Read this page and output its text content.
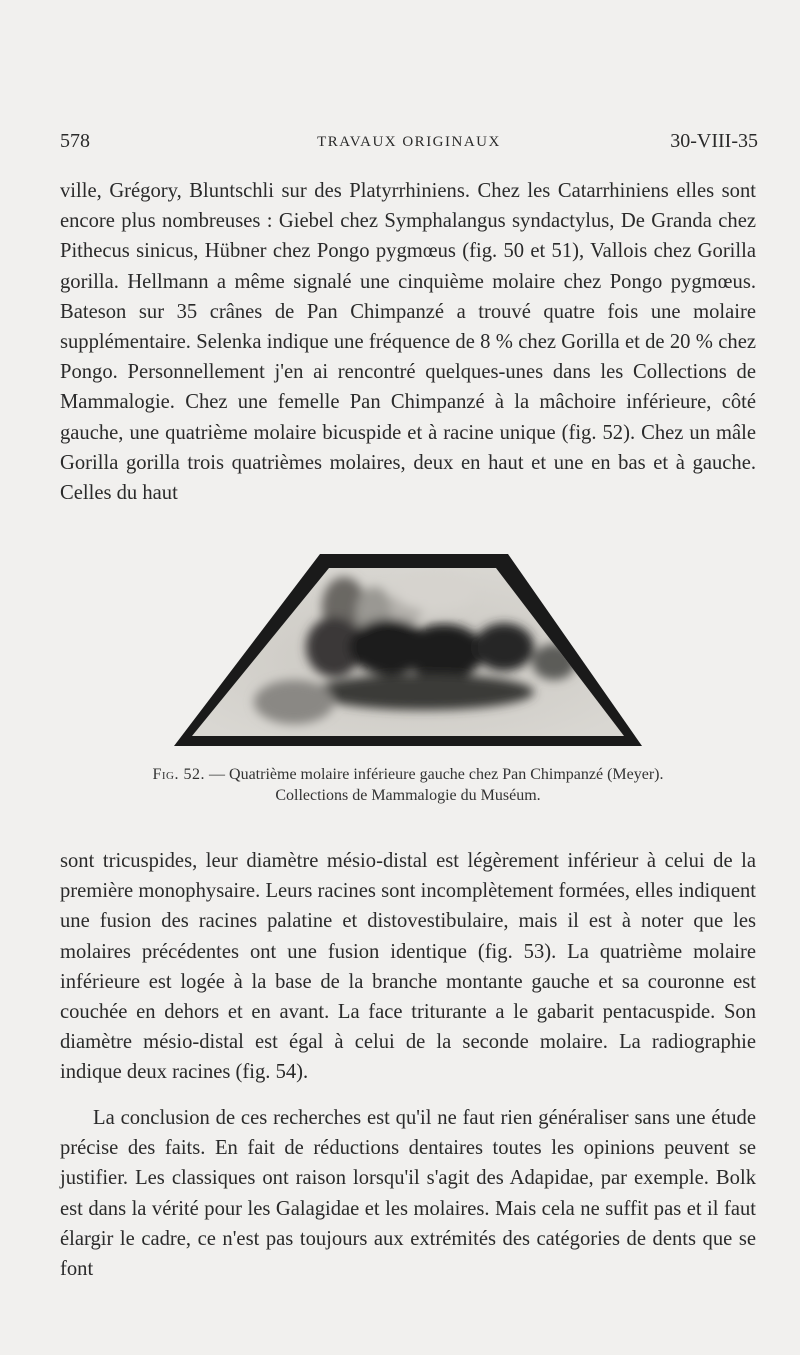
578	TRAVAUX ORIGINAUX	30-VIII-35

ville, Grégory, Bluntschli sur des Platyrrhiniens. Chez les Catarrhiniens elles sont encore plus nombreuses : Giebel chez Symphalangus syndactylus, De Granda chez Pithecus sinicus, Hübner chez Pongo pygmœus (fig. 50 et 51), Vallois chez Gorilla gorilla. Hellmann a même signalé une cinquième molaire chez Pongo pygmœus. Bateson sur 35 crânes de Pan Chimpanzé a trouvé quatre fois une molaire supplémentaire. Selenka indique une fréquence de 8 % chez Gorilla et de 20 % chez Pongo. Personnellement j'en ai rencontré quelques-unes dans les Collections de Mammalogie. Chez une femelle Pan Chimpanzé à la mâchoire inférieure, côté gauche, une quatrième molaire bicuspide et à racine unique (fig. 52). Chez un mâle Gorilla gorilla trois quatrièmes molaires, deux en haut et une en bas et à gauche. Celles du haut

Fig. 52. — Quatrième molaire inférieure gauche chez Pan Chimpanzé (Meyer).
Collections de Mammalogie du Muséum.

sont tricuspides, leur diamètre mésio-distal est légèrement inférieur à celui de la première monophysaire. Leurs racines sont incomplètement formées, elles indiquent une fusion des racines palatine et distovestibulaire, mais il est à noter que les molaires précédentes ont une fusion identique (fig. 53). La quatrième molaire inférieure est logée à la base de la branche montante gauche et sa couronne est couchée en dehors et en avant. La face triturante a le gabarit pentacuspide. Son diamètre mésio-distal est égal à celui de la seconde molaire. La radiographie indique deux racines (fig. 54).

La conclusion de ces recherches est qu'il ne faut rien généraliser sans une étude précise des faits. En fait de réductions dentaires toutes les opinions peuvent se justifier. Les classiques ont raison lorsqu'il s'agit des Adapidae, par exemple. Bolk est dans la vérité pour les Galagidae et les molaires. Mais cela ne suffit pas et il faut élargir le cadre, ce n'est pas toujours aux extrémités des catégories de dents que se font
